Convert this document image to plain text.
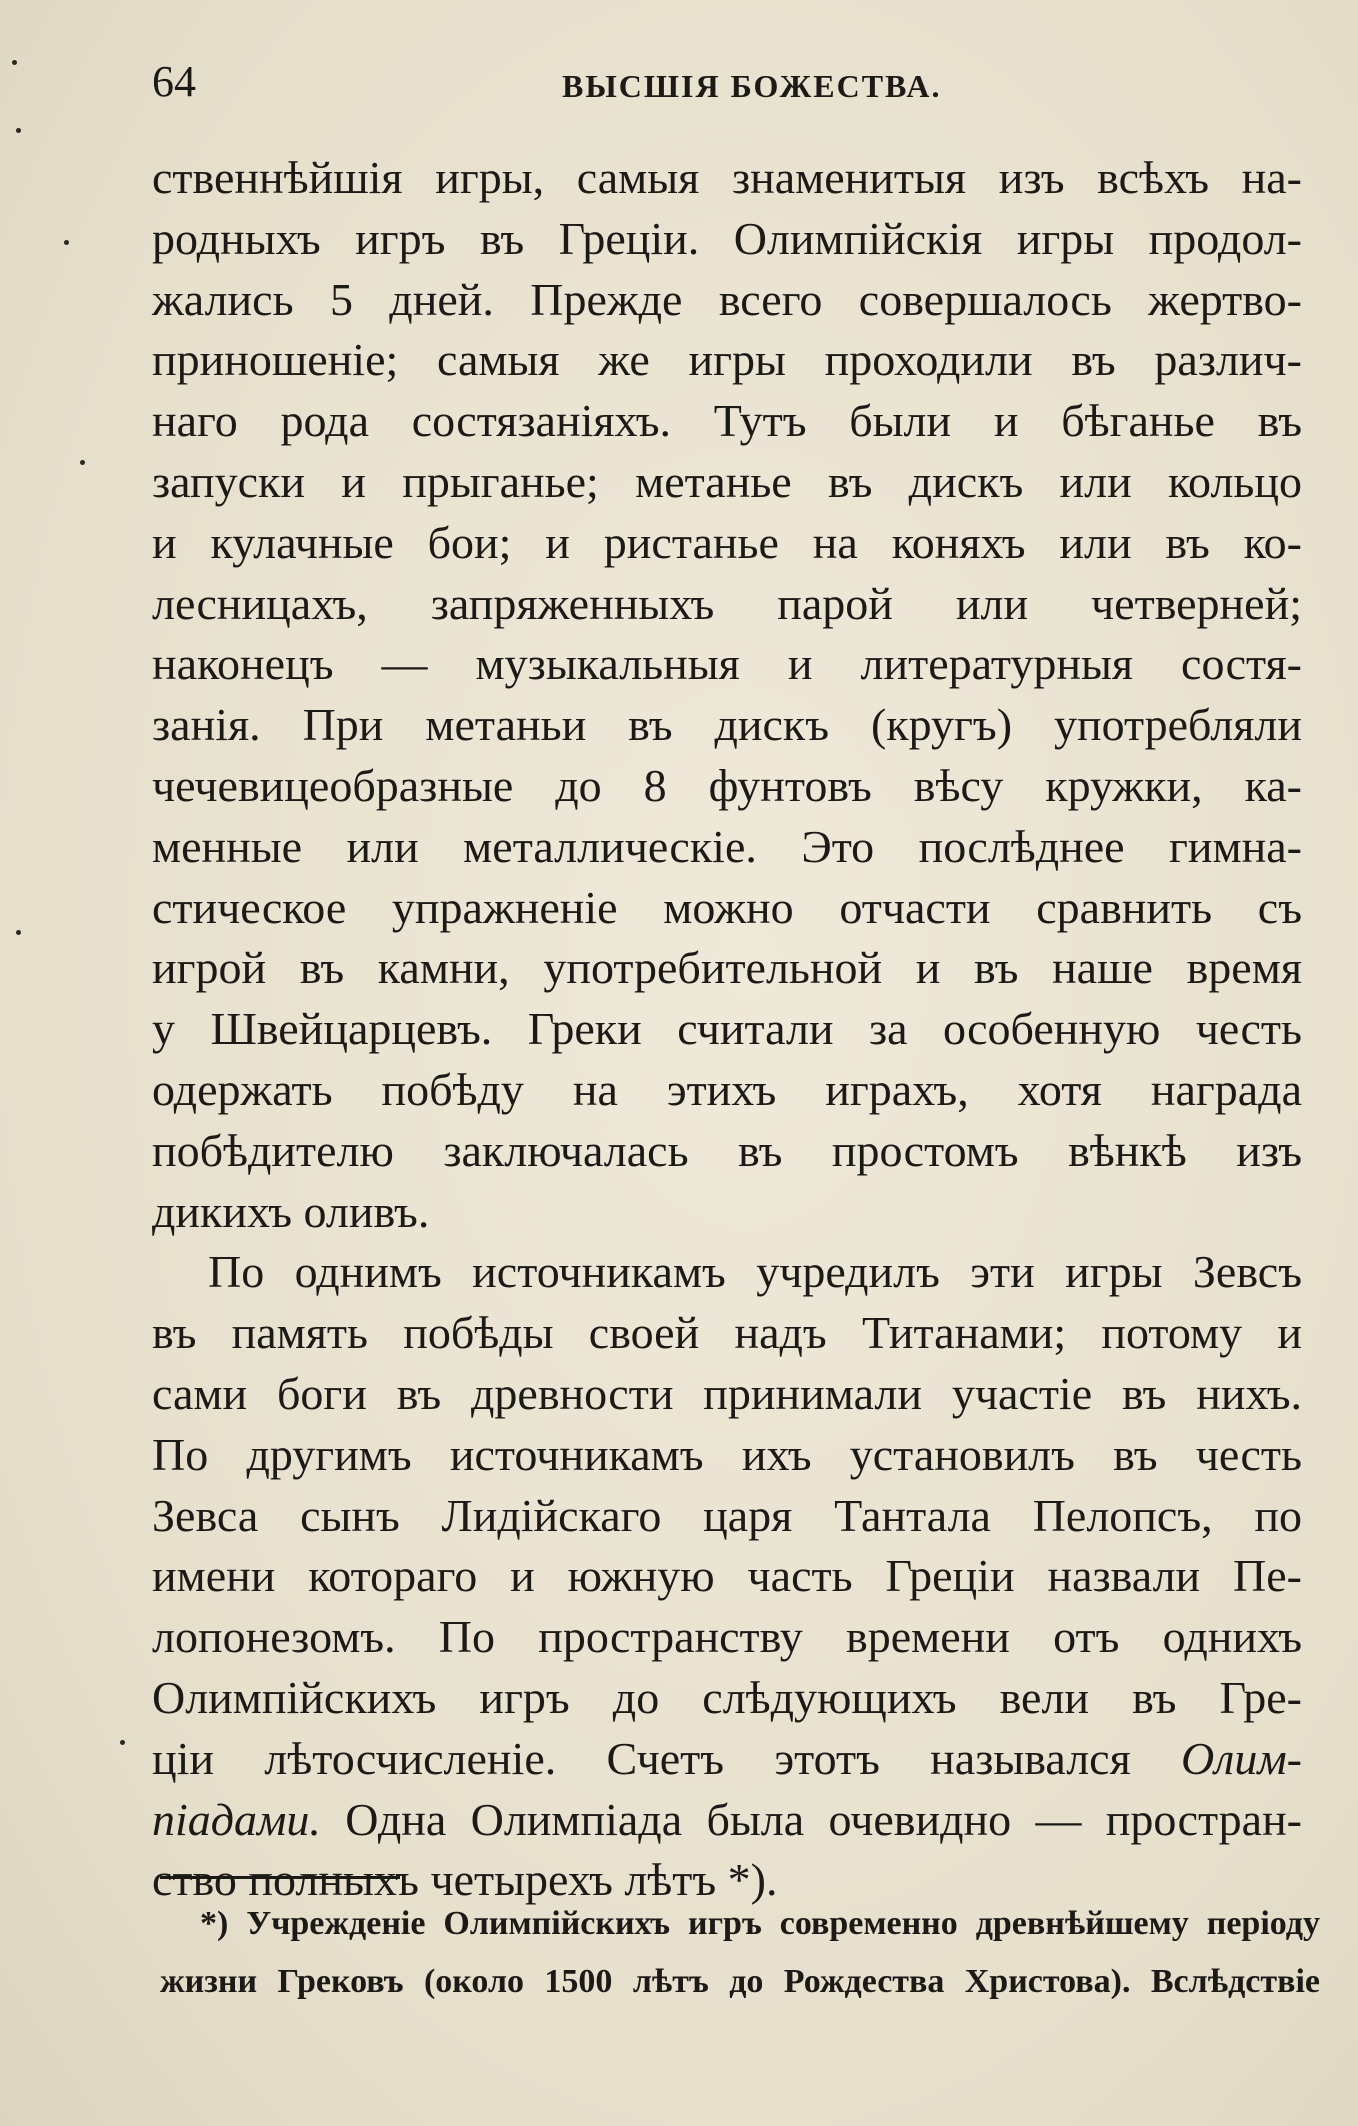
64	ВЫСШІЯ БОЖЕСТВА.
ственнѣйшія игры, самыя знаменитыя изъ всѣхъ на-
родныхъ игръ въ Греціи. Олимпійскія игры продол-
жались 5 дней. Прежде всего совершалось жертво-
приношеніе; самыя же игры проходили въ различ-
наго рода состязаніяхъ. Тутъ были и бѣганье въ
запуски и прыганье; метанье въ дискъ или кольцо
и кулачные бои; и ристанье на коняхъ или въ ко-
лесницахъ, запряженныхъ парой или четверней;
наконецъ — музыкальныя и литературныя состя-
занія. При метаньи въ дискъ (кругъ) употребляли
чечевицеобразные до 8 фунтовъ вѣсу кружки, ка-
менные или металлическіе. Это послѣднее гимна-
стическое упражненіе можно отчасти сравнить съ
игрой въ камни, употребительной и въ наше время
у Швейцарцевъ. Греки считали за особенную честь
одержать побѣду на этихъ играхъ, хотя награда
побѣдителю заключалась въ простомъ вѣнкѣ изъ
дикихъ оливъ.
По однимъ источникамъ учредилъ эти игры Зевсъ
въ память побѣды своей надъ Титанами; потому и
сами боги въ древности принимали участіе въ нихъ.
По другимъ источникамъ ихъ установилъ въ честь
Зевса сынъ Лидійскаго царя Тантала Пелопсъ, по
имени котораго и южную часть Греціи назвали Пе-
лопонезомъ. По пространству времени отъ однихъ
Олимпійскихъ игръ до слѣдующихъ вели въ Гре-
ціи лѣтосчисленіе. Счетъ этотъ назывался Олим-
піадами. Одна Олимпіада была очевидно — простран-
ство полныхъ четырехъ лѣтъ *).
*) Учрежденіе Олимпійскихъ игръ современно древнѣйшему періоду
жизни Грековъ (около 1500 лѣтъ до Рождества Христова). Вслѣдствіе
